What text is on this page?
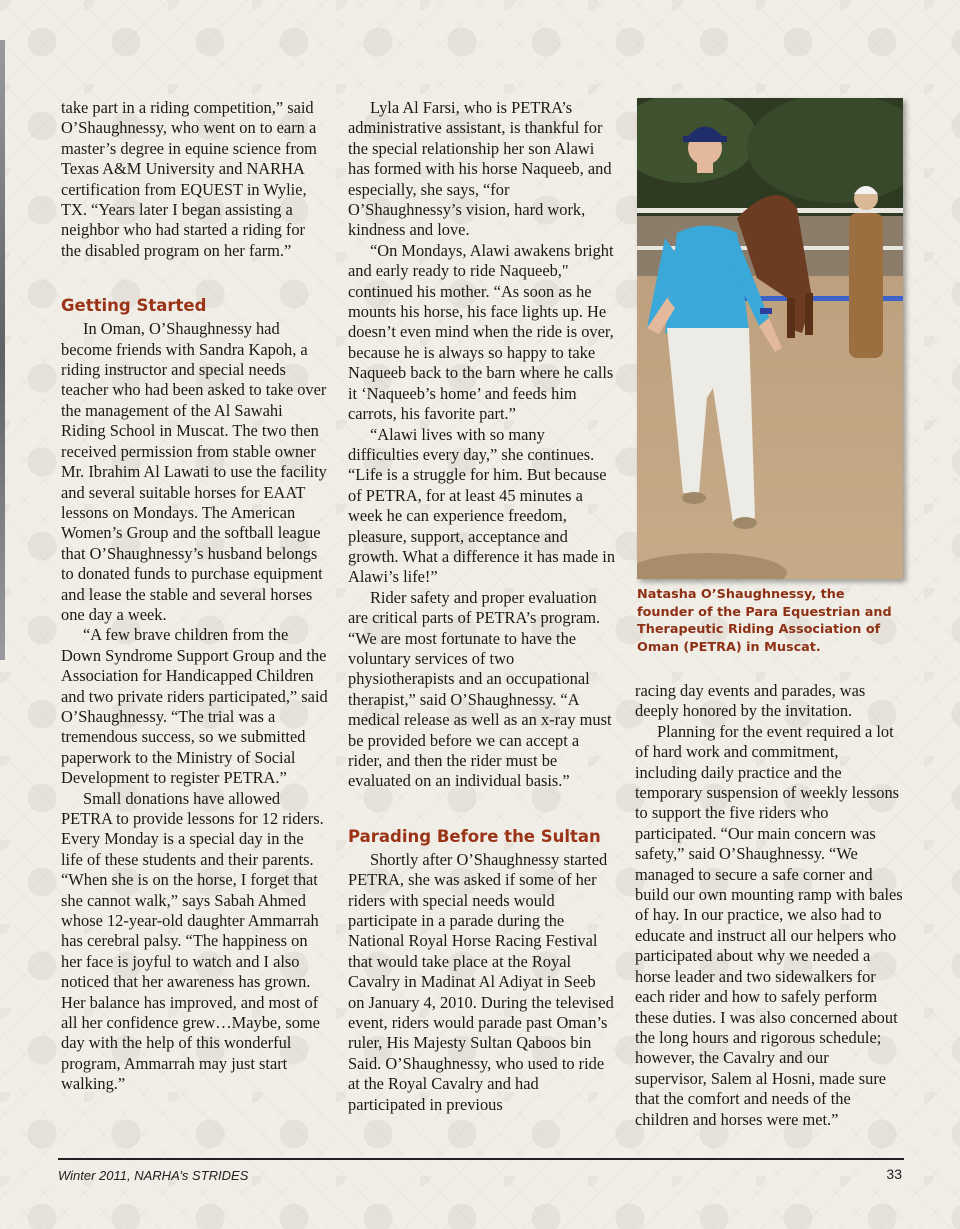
take part in a riding competition,” said O’Shaughnessy, who went on to earn a master’s degree in equine science from Texas A&M University and NARHA certification from EQUEST in Wylie, TX. “Years later I began assisting a neighbor who had started a riding for the disabled program on her farm.”

Getting Started

In Oman, O’Shaughnessy had become friends with Sandra Kapoh, a riding instructor and special needs teacher who had been asked to take over the management of the Al Sawahi Riding School in Muscat. The two then received permission from stable owner Mr. Ibrahim Al Lawati to use the facility and several suitable horses for EAAT lessons on Mondays. The American Women’s Group and the softball league that O’Shaughnessy’s husband belongs to donated funds to purchase equipment and lease the stable and several horses one day a week.

“A few brave children from the Down Syndrome Support Group and the Association for Handicapped Children and two private riders participated,” said O’Shaughnessy. “The trial was a tremendous success, so we submitted paperwork to the Ministry of Social Development to register PETRA.”

Small donations have allowed PETRA to provide lessons for 12 riders. Every Monday is a special day in the life of these students and their parents. “When she is on the horse, I forget that she cannot walk,” says Sabah Ahmed whose 12-year-old daughter Ammarrah has cerebral palsy. “The happiness on her face is joyful to watch and I also noticed that her awareness has grown. Her balance has improved, and most of all her confidence grew…Maybe, some day with the help of this wonderful program, Ammarrah may just start walking.”

Lyla Al Farsi, who is PETRA’s administrative assistant, is thankful for the special relationship her son Alawi has formed with his horse Naqueeb, and especially, she says, “for O’Shaughnessy’s vision, hard work, kindness and love.

“On Mondays, Alawi awakens bright and early ready to ride Naqueeb," continued his mother. “As soon as he mounts his horse, his face lights up. He doesn’t even mind when the ride is over, because he is always so happy to take Naqueeb back to the barn where he calls it ‘Naqueeb’s home’ and feeds him carrots, his favorite part.”

“Alawi lives with so many difficulties every day,” she continues. “Life is a struggle for him. But because of PETRA, for at least 45 minutes a week he can experience freedom, pleasure, support, acceptance and growth. What a difference it has made in Alawi’s life!”

Rider safety and proper evaluation are critical parts of PETRA’s program. “We are most fortunate to have the voluntary services of two physiotherapists and an occupational therapist,” said O’Shaughnessy. “A medical release as well as an x-ray must be provided before we can accept a rider, and then the rider must be evaluated on an individual basis.”

Parading Before the Sultan

Shortly after O’Shaughnessy started PETRA, she was asked if some of her riders with special needs would participate in a parade during the National Royal Horse Racing Festival that would take place at the Royal Cavalry in Madinat Al Adiyat in Seeb on January 4, 2010. During the televised event, riders would parade past Oman’s ruler, His Majesty Sultan Qaboos bin Said. O’Shaughnessy, who used to ride at the Royal Cavalry and had participated in previous

Natasha O’Shaughnessy, the founder of the Para Equestrian and Therapeutic Riding Association of Oman (PETRA) in Muscat.

racing day events and parades, was deeply honored by the invitation.

Planning for the event required a lot of hard work and commitment, including daily practice and the temporary suspension of weekly lessons to support the five riders who participated. “Our main concern was safety,” said O’Shaughnessy. “We managed to secure a safe corner and build our own mounting ramp with bales of hay. In our practice, we also had to educate and instruct all our helpers who participated about why we needed a horse leader and two sidewalkers for each rider and how to safely perform these duties. I was also concerned about the long hours and rigorous schedule; however, the Cavalry and our supervisor, Salem al Hosni, made sure that the comfort and needs of the children and horses were met.”

Winter 2011, NARHA’s STRIDES	33
